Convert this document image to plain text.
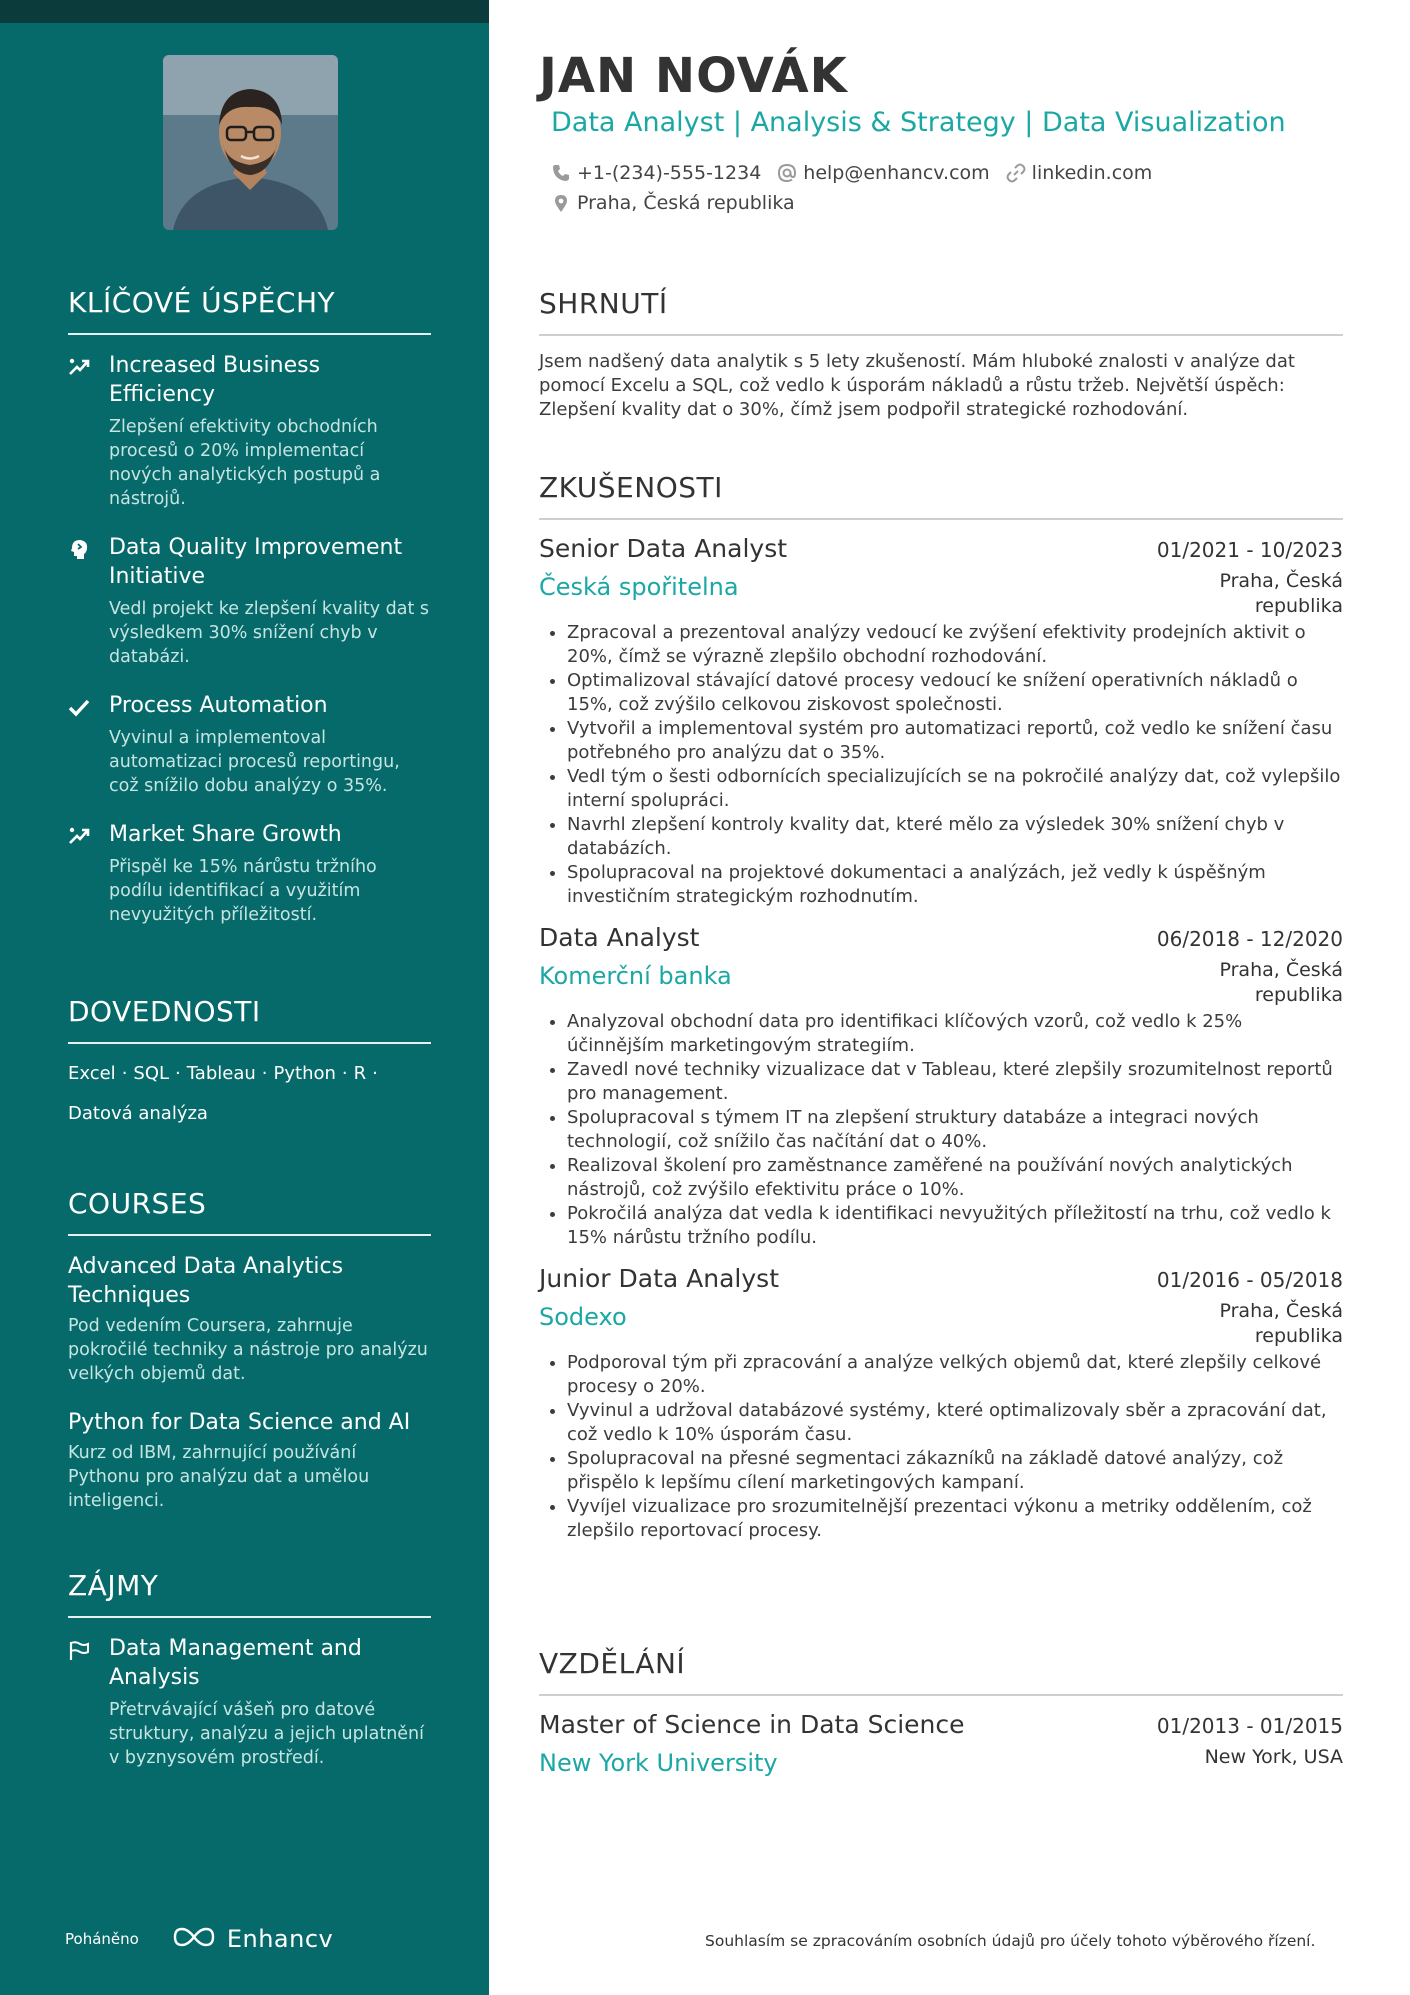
KLÍČOVÉ ÚSPĚCHY
Increased Business Efficiency
Zlepšení efektivity obchodních procesů o 20% implementací nových analytických postupů a nástrojů.
Data Quality Improvement Initiative
Vedl projekt ke zlepšení kvality dat s výsledkem 30% snížení chyb v databázi.
Process Automation
Vyvinul a implementoval automatizaci procesů reportingu, což snížilo dobu analýzy o 35%.
Market Share Growth
Přispěl ke 15% nárůstu tržního podílu identifikací a využitím nevyužitých příležitostí.
DOVEDNOSTI
Excel · SQL · Tableau · Python · R ·
Datová analýza
COURSES
Advanced Data Analytics Techniques
Pod vedením Coursera, zahrnuje pokročilé techniky a nástroje pro analýzu velkých objemů dat.
Python for Data Science and AI
Kurz od IBM, zahrnující používání Pythonu pro analýzu dat a umělou inteligenci.
ZÁJMY
Data Management and Analysis
Přetrvávající vášeň pro datové struktury, analýzu a jejich uplatnění v byznysovém prostředí.
Poháněno	Enhancv
JAN NOVÁK
Data Analyst | Analysis & Strategy | Data Visualization
+1-(234)-555-1234 help@enhancv.com linkedin.com
Praha, Česká republika
SHRNUTÍ
Jsem nadšený data analytik s 5 lety zkušeností. Mám hluboké znalosti v analýze dat pomocí Excelu a SQL, což vedlo k úsporám nákladů a růstu tržeb. Největší úspěch: Zlepšení kvality dat o 30%, čímž jsem podpořil strategické rozhodování.
ZKUŠENOSTI
Senior Data Analyst	01/2021 - 10/2023
Česká spořitelna	Praha, Česká republika
• Zpracoval a prezentoval analýzy vedoucí ke zvýšení efektivity prodejních aktivit o 20%, čímž se výrazně zlepšilo obchodní rozhodování.
• Optimalizoval stávající datové procesy vedoucí ke snížení operativních nákladů o 15%, což zvýšilo celkovou ziskovost společnosti.
• Vytvořil a implementoval systém pro automatizaci reportů, což vedlo ke snížení času potřebného pro analýzu dat o 35%.
• Vedl tým o šesti odbornících specializujících se na pokročilé analýzy dat, což vylepšilo interní spolupráci.
• Navrhl zlepšení kontroly kvality dat, které mělo za výsledek 30% snížení chyb v databázích.
• Spolupracoval na projektové dokumentaci a analýzách, jež vedly k úspěšným investičním strategickým rozhodnutím.
Data Analyst	06/2018 - 12/2020
Komerční banka	Praha, Česká republika
• Analyzoval obchodní data pro identifikaci klíčových vzorů, což vedlo k 25% účinnějším marketingovým strategiím.
• Zavedl nové techniky vizualizace dat v Tableau, které zlepšily srozumitelnost reportů pro management.
• Spolupracoval s týmem IT na zlepšení struktury databáze a integraci nových technologií, což snížilo čas načítání dat o 40%.
• Realizoval školení pro zaměstnance zaměřené na používání nových analytických nástrojů, což zvýšilo efektivitu práce o 10%.
• Pokročilá analýza dat vedla k identifikaci nevyužitých příležitostí na trhu, což vedlo k 15% nárůstu tržního podílu.
Junior Data Analyst	01/2016 - 05/2018
Sodexo	Praha, Česká republika
• Podporoval tým při zpracování a analýze velkých objemů dat, které zlepšily celkové procesy o 20%.
• Vyvinul a udržoval databázové systémy, které optimalizovaly sběr a zpracování dat, což vedlo k 10% úsporám času.
• Spolupracoval na přesné segmentaci zákazníků na základě datové analýzy, což přispělo k lepšímu cílení marketingových kampaní.
• Vyvíjel vizualizace pro srozumitelnější prezentaci výkonu a metriky oddělením, což zlepšilo reportovací procesy.
VZDĚLÁNÍ
Master of Science in Data Science	01/2013 - 01/2015
New York University	New York, USA
Souhlasím se zpracováním osobních údajů pro účely tohoto výběrového řízení.
